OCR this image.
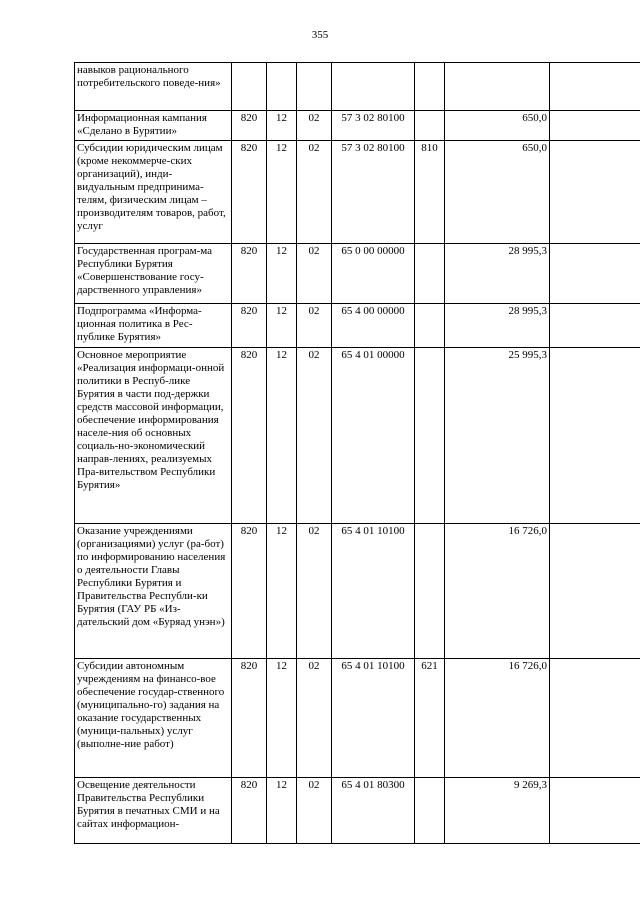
355
навыков рационального потребительского поведе-ния»							
Информационная кампания «Сделано в Бурятии»	820	12	02	57 3 02 80100		650,0	
Субсидии юридическим лицам (кроме некоммерче-ских организаций), инди-видуальным предпринима-телям, физическим лицам – производителям товаров, работ, услуг	820	12	02	57 3 02 80100	810	650,0	
Государственная програм-ма Республики Бурятия «Совершенствование госу-дарственного управления»	820	12	02	65 0 00 00000		28 995,3	
Подпрограмма «Информа-ционная политика в Рес-публике Бурятия»	820	12	02	65 4 00 00000		28 995,3	
Основное мероприятие «Реализация информаци-онной политики в Респуб-лике Бурятия в части под-держки средств массовой информации, обеспечение информирования населе-ния об основных социаль-но-экономический направ-лениях, реализуемых Пра-вительством Республики Бурятия»	820	12	02	65 4 01 00000		25 995,3	
Оказание учреждениями (организациями) услуг (ра-бот) по информированию населения о деятельности Главы Республики Бурятия и Правительства Республи-ки Бурятия (ГАУ РБ «Из-дательский дом «Буряад унэн»)	820	12	02	65 4 01 10100		16 726,0	
Субсидии автономным учреждениям на финансо-вое обеспечение государ-ственного (муниципально-го) задания на оказание государственных (муници-пальных) услуг (выполне-ние работ)	820	12	02	65 4 01 10100	621	16 726,0	
Освещение деятельности Правительства Республики Бурятия в печатных СМИ и на сайтах информацион-	820	12	02	65 4 01 80300		9 269,3	
